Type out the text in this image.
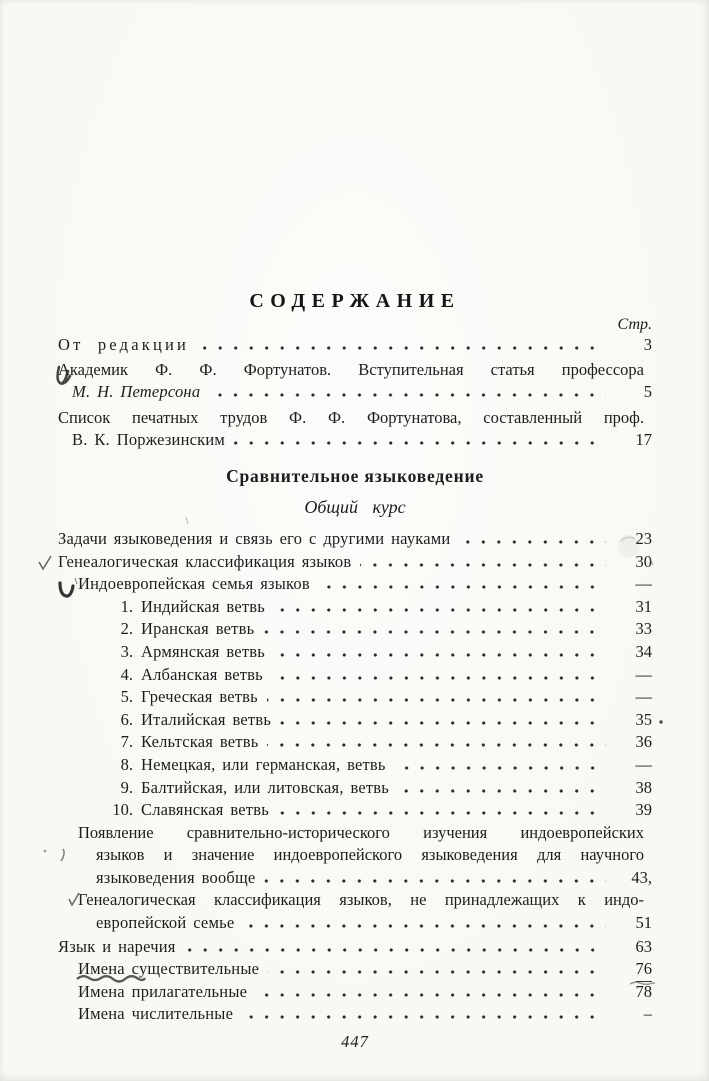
СОДЕРЖАНИЕ
Стр.
От редакции	3
Академик Ф. Ф. Фортунатов. Вступительная статья профессора
М. Н. Петерсона	5
Список печатных трудов Ф. Ф. Фортунатова, составленный проф.
В. К. Поржезинским	17
Сравнительное языковедение
Общий курс
Задачи языковедения и связь его с другими науками	23
Генеалогическая классификация языков	30
Индоевропейская семья языков	—
1. Индийская ветвь	31
2. Иранская ветвь	33
3. Армянская ветвь	34
4. Албанская ветвь	—
5. Греческая ветвь	—
6. Италийская ветвь	35
7. Кельтская ветвь	36
8. Немецкая, или германская, ветвь	—
9. Балтийская, или литовская, ветвь	38
10. Славянская ветвь	39
Появление сравнительно-исторического изучения индоевропейских
языков и значение индоевропейского языковедения для научного
языковедения вообще	43,
Генеалогическая классификация языков, не принадлежащих к индо-
европейской семье	51
Язык и наречия	63
Имена существительные	76
Имена прилагательные	78
Имена числительные	–
447
